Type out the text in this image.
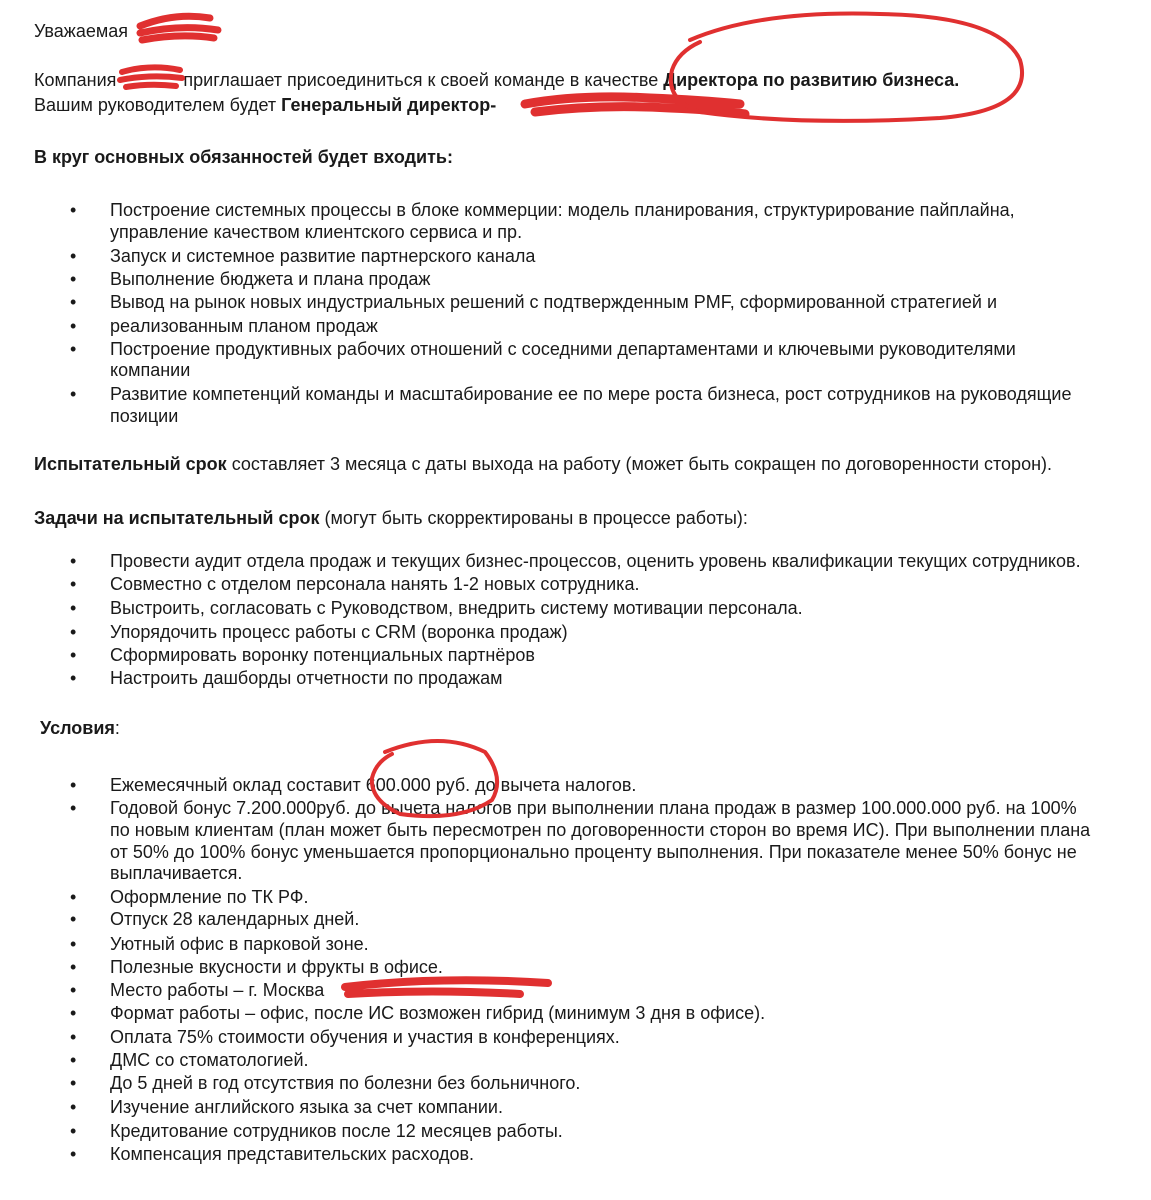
Уважаемая
Компания	приглашает присоединиться к своей команде в качестве Директора по развитию бизнеса.
Вашим руководителем будет Генеральный директор-
В круг основных обязанностей будет входить:
• Построение системных процессы в блоке коммерции: модель планирования, структурирование пайплайна,
управление качеством клиентского сервиса и пр.
• Запуск и системное развитие партнерского канала
• Выполнение бюджета и плана продаж
• Вывод на рынок новых индустриальных решений с подтвержденным PMF, сформированной стратегией и
• реализованным планом продаж
• Построение продуктивных рабочих отношений с соседними департаментами и ключевыми руководителями
компании
• Развитие компетенций команды и масштабирование ее по мере роста бизнеса, рост сотрудников на руководящие
позиции
Испытательный срок составляет 3 месяца с даты выхода на работу (может быть сокращен по договоренности сторон).
Задачи на испытательный срок (могут быть скорректированы в процессе работы):
• Провести аудит отдела продаж и текущих бизнес-процессов, оценить уровень квалификации текущих сотрудников.
• Совместно с отделом персонала нанять 1-2 новых сотрудника.
• Выстроить, согласовать с Руководством, внедрить систему мотивации персонала.
• Упорядочить процесс работы с CRM (воронка продаж)
• Сформировать воронку потенциальных партнёров
• Настроить дашборды отчетности по продажам
Условия:
• Ежемесячный оклад составит 600.000 руб. до вычета налогов.
• Годовой бонус 7.200.000руб. до вычета налогов при выполнении плана продаж в размер 100.000.000 руб. на 100%
по новым клиентам (план может быть пересмотрен по договоренности сторон во время ИС). При выполнении плана
от 50% до 100% бонус уменьшается пропорционально проценту выполнения. При показателе менее 50% бонус не
выплачивается.
• Оформление по ТК РФ.
• Отпуск 28 календарных дней.
• Уютный офис в парковой зоне.
• Полезные вкусности и фрукты в офисе.
• Место работы – г. Москва
• Формат работы – офис, после ИС возможен гибрид (минимум 3 дня в офисе).
• Оплата 75% стоимости обучения и участия в конференциях.
• ДМС со стоматологией.
• До 5 дней в год отсутствия по болезни без больничного.
• Изучение английского языка за счет компании.
• Кредитование сотрудников после 12 месяцев работы.
• Компенсация представительских расходов.
